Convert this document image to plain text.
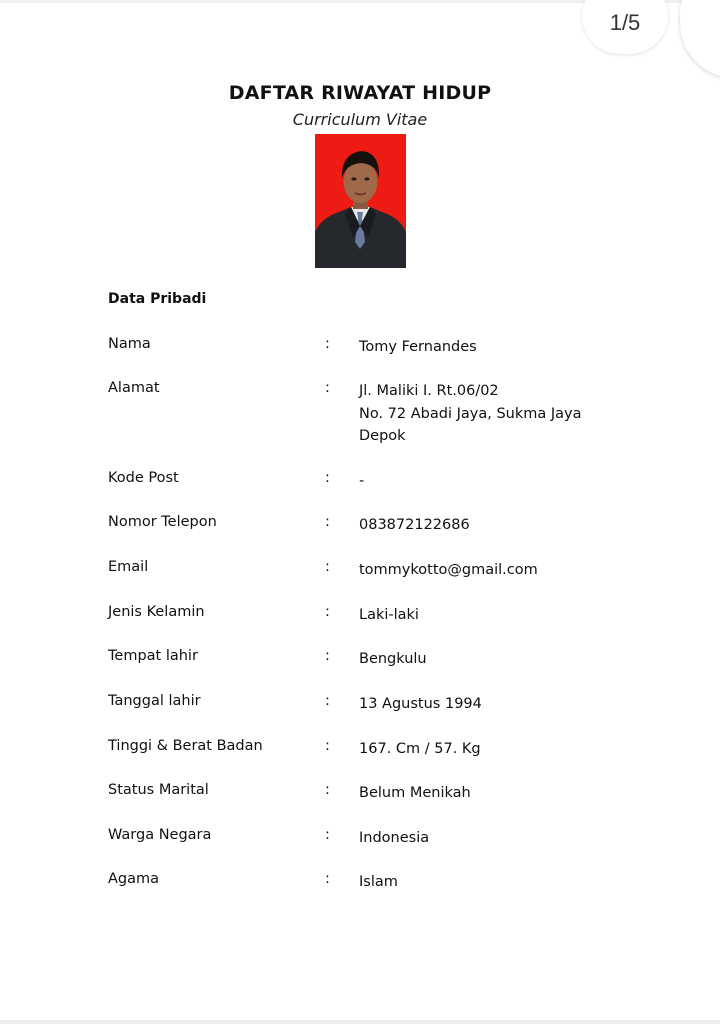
1/5
DAFTAR RIWAYAT HIDUP
Curriculum Vitae
Data Pribadi
Nama	: Tomy Fernandes
Alamat	: Jl. Maliki I. Rt.06/02
No. 72 Abadi Jaya, Sukma Jaya
Depok
Kode Post	: -
Nomor Telepon	: 083872122686
Email	: tommykotto@gmail.com
Jenis Kelamin	: Laki-laki
Tempat lahir	: Bengkulu
Tanggal lahir	: 13 Agustus 1994
Tinggi & Berat Badan	: 167. Cm / 57. Kg
Status Marital	: Belum Menikah
Warga Negara	: Indonesia
Agama	: Islam
